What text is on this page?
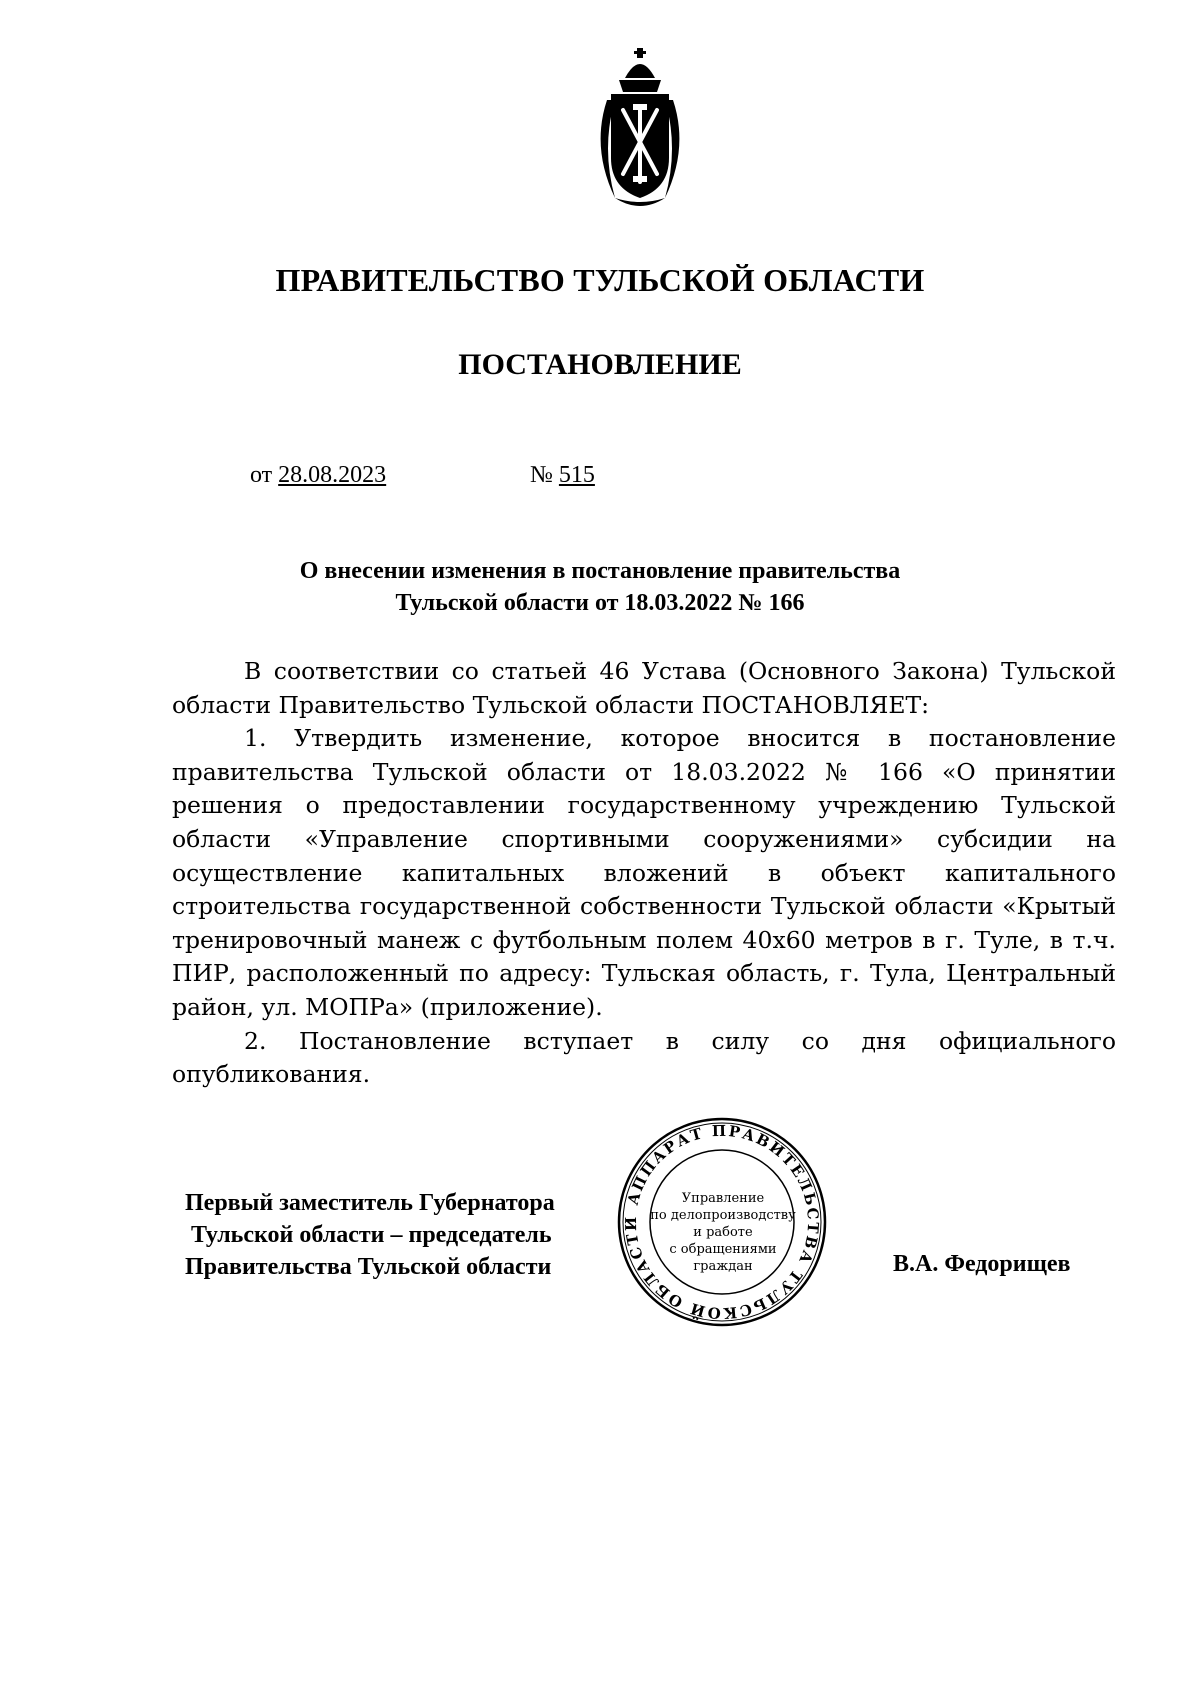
ПРАВИТЕЛЬСТВО ТУЛЬСКОЙ ОБЛАСТИ
ПОСТАНОВЛЕНИЕ
от 28.08.2023	№ 515
О внесении изменения в постановление правительства
Тульской области от 18.03.2022 № 166

В соответствии со статьей 46 Устава (Основного Закона) Тульской области Правительство Тульской области ПОСТАНОВЛЯЕТ:

1. Утвердить изменение, которое вносится в постановление правительства Тульской области от 18.03.2022 № 166 «О принятии решения о предоставлении государственному учреждению Тульской области «Управление спортивными сооружениями» субсидии на осуществление капитальных вложений в объект капитального строительства государственной собственности Тульской области «Крытый тренировочный манеж с футбольным полем 40х60 метров в г. Туле, в т.ч. ПИР, расположенный по адресу: Тульская область, г. Тула, Центральный район, ул. МОПРа» (приложение).

2. Постановление вступает в силу со дня официального опубликования.

Первый заместитель Губернатора
Тульской области – председатель
Правительства Тульской области	В.А. Федорищев
АППАРАТ ПРАВИТЕЛЬСТВА ТУЛЬСКОЙ ОБЛАСТИ
Управление
по делопроизводству
и работе
с обращениями
граждан
